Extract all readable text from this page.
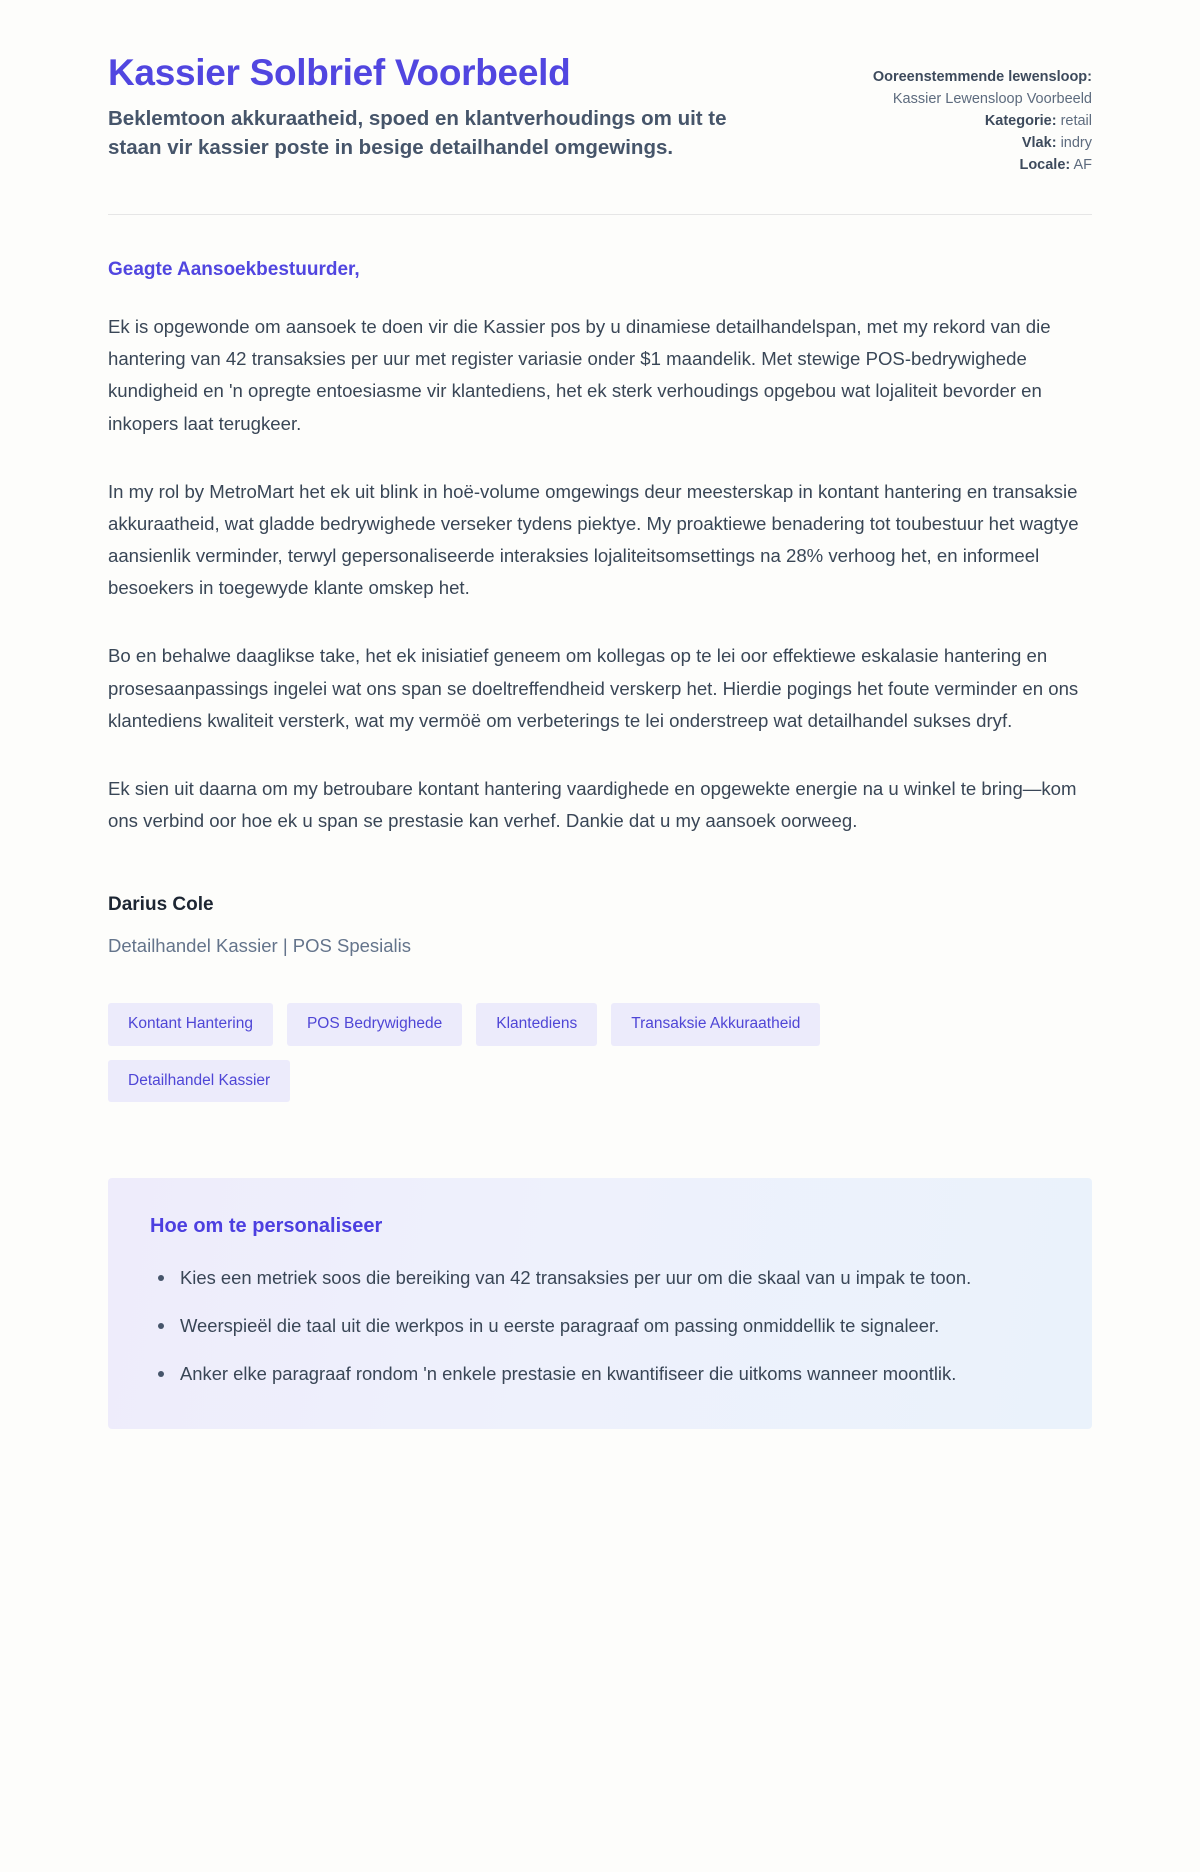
Kassier Solbrief Voorbeeld

Beklemtoon akkuraatheid, spoed en klantverhoudings om uit te staan vir kassier poste in besige detailhandel omgewings.

Ooreenstemmende lewensloop: Kassier Lewensloop Voorbeeld
Kategorie: retail
Vlak: indry
Locale: AF

Geagte Aansoekbestuurder,

Ek is opgewonde om aansoek te doen vir die Kassier pos by u dinamiese detailhandelspan, met my rekord van die hantering van 42 transaksies per uur met register variasie onder $1 maandelik. Met stewige POS-bedrywighede kundigheid en 'n opregte entoesiasme vir klantediens, het ek sterk verhoudings opgebou wat lojaliteit bevorder en inkopers laat terugkeer.

In my rol by MetroMart het ek uit blink in hoë-volume omgewings deur meesterskap in kontant hantering en transaksie akkuraatheid, wat gladde bedrywighede verseker tydens piektye. My proaktiewe benadering tot toubestuur het wagtye aansienlik verminder, terwyl gepersonaliseerde interaksies lojaliteitsomsettings na 28% verhoog het, en informeel besoekers in toegewyde klante omskep het.

Bo en behalwe daaglikse take, het ek inisiatief geneem om kollegas op te lei oor effektiewe eskalasie hantering en prosesaanpassings ingelei wat ons span se doeltreffendheid verskerp het. Hierdie pogings het foute verminder en ons klantediens kwaliteit versterk, wat my vermöë om verbeterings te lei onderstreep wat detailhandel sukses dryf.

Ek sien uit daarna om my betroubare kontant hantering vaardighede en opgewekte energie na u winkel te bring—kom ons verbind oor hoe ek u span se prestasie kan verhef. Dankie dat u my aansoek oorweeg.

Darius Cole

Detailhandel Kassier | POS Spesialis

Kontant Hantering	POS Bedrywighede	Klantediens	Transaksie Akkuraatheid
Detailhandel Kassier
Hoe om te personaliseer
Kies een metriek soos die bereiking van 42 transaksies per uur om die skaal van u impak te toon.
Weerspieël die taal uit die werkpos in u eerste paragraaf om passing onmiddellik te signaleer.
Anker elke paragraaf rondom 'n enkele prestasie en kwantifiseer die uitkoms wanneer moontlik.
